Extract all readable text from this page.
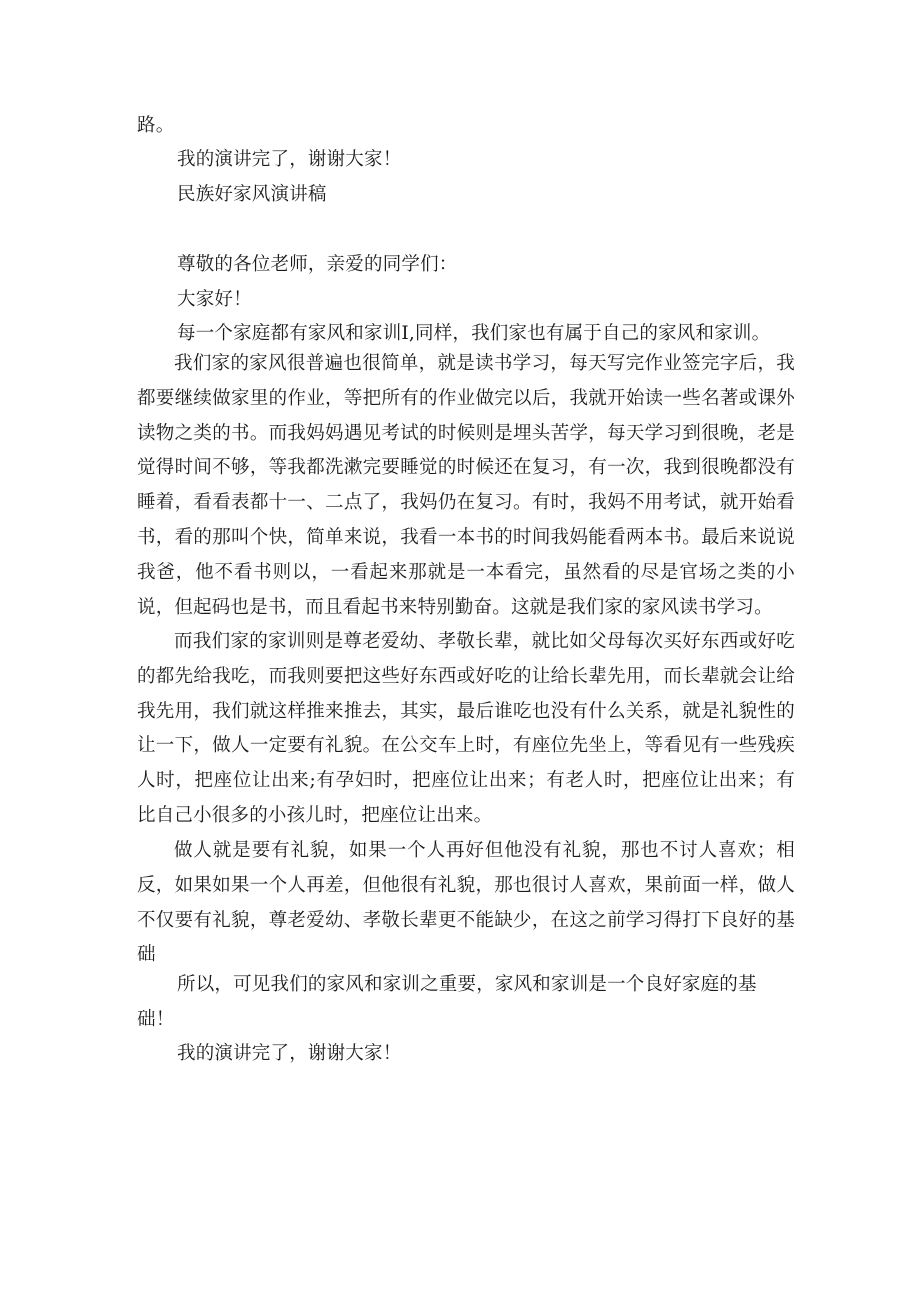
路。
我的演讲完了，谢谢大家！
民族好家风演讲稿
尊敬的各位老师，亲爱的同学们：
大家好！
每一个家庭都有家风和家训I,同样，我们家也有属于自己的家风和家训。

我们家的家风很普遍也很简单，就是读书学习，每天写完作业签完字后，我都要继续做家里的作业，等把所有的作业做完以后，我就开始读一些名著或课外读物之类的书。而我妈妈遇见考试的时候则是埋头苦学，每天学习到很晚，老是觉得时间不够，等我都洗漱完要睡觉的时候还在复习，有一次，我到很晚都没有睡着，看看表都十一、二点了，我妈仍在复习。有时，我妈不用考试，就开始看书，看的那叫个快，简单来说，我看一本书的时间我妈能看两本书。最后来说说我爸，他不看书则以，一看起来那就是一本看完，虽然看的尽是官场之类的小说，但起码也是书，而且看起书来特别勤奋。这就是我们家的家风读书学习。

而我们家的家训则是尊老爱幼、孝敬长辈，就比如父母每次买好东西或好吃的都先给我吃，而我则要把这些好东西或好吃的让给长辈先用，而长辈就会让给我先用，我们就这样推来推去，其实，最后谁吃也没有什么关系，就是礼貌性的让一下，做人一定要有礼貌。在公交车上时，有座位先坐上，等看见有一些残疾人时，把座位让出来;有孕妇时，把座位让出来；有老人时，把座位让出来；有比自己小很多的小孩儿时，把座位让出来。

做人就是要有礼貌，如果一个人再好但他没有礼貌，那也不讨人喜欢；相反，如果如果一个人再差，但他很有礼貌，那也很讨人喜欢，果前面一样，做人不仅要有礼貌，尊老爱幼、孝敬长辈更不能缺少，在这之前学习得打下良好的基础

所以，可见我们的家风和家训之重要，家风和家训是一个良好家庭的基
础！
我的演讲完了，谢谢大家！
